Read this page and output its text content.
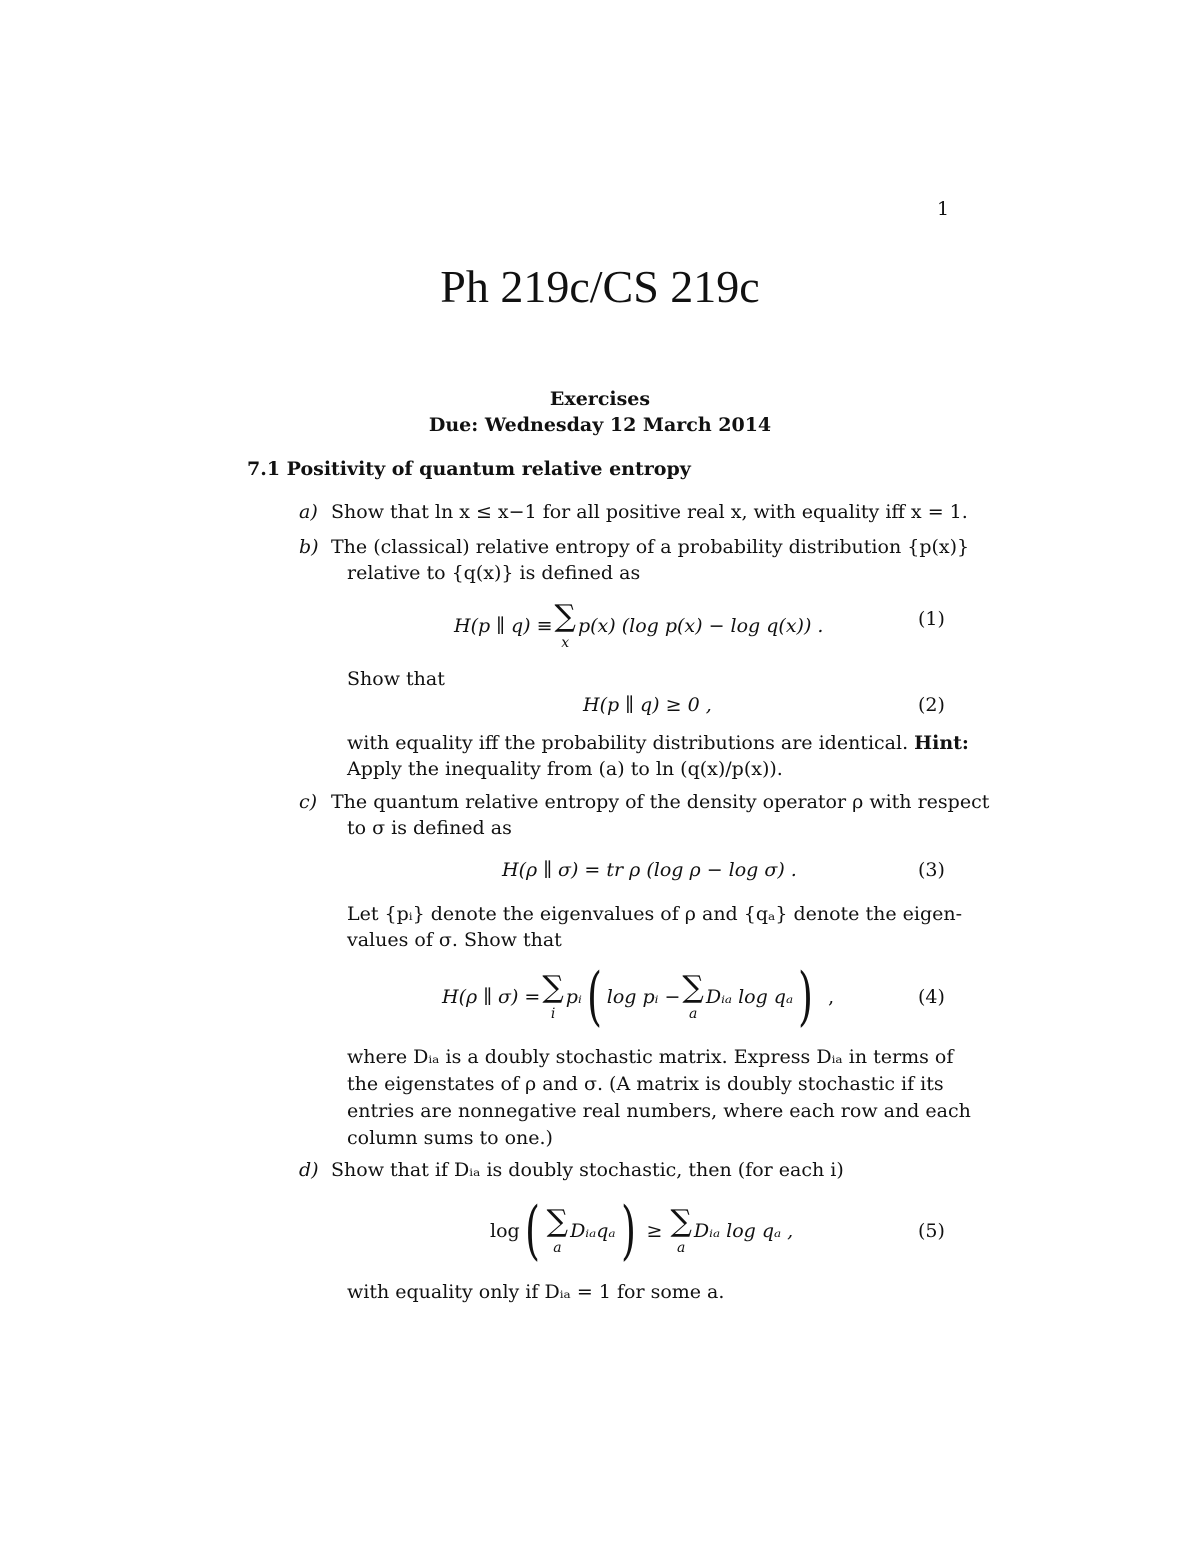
1
Ph 219c/CS 219c
Exercises
Due: Wednesday 12 March 2014
7.1 Positivity of quantum relative entropy
a) Show that ln x ≤ x−1 for all positive real x, with equality iff x = 1.
b) The (classical) relative entropy of a probability distribution {p(x)}
relative to {q(x)} is defined as
H(p ∥ q) ≡ ∑
x
p(x) (log p(x) − log q(x)) .	(1)
Show that
H(p ∥ q) ≥ 0 ,	(2)
with equality iff the probability distributions are identical. Hint:
Apply the inequality from (a) to ln (q(x)/p(x)).
c) The quantum relative entropy of the density operator ρ with respect
to σ is defined as
H(ρ ∥ σ) = tr ρ (log ρ − log σ) .	(3)
Let {pᵢ} denote the eigenvalues of ρ and {qₐ} denote the eigen-
values of σ. Show that
H(ρ ∥ σ) = ∑
i
pᵢ ( log pᵢ − ∑
a
Dᵢₐ log qₐ ) ,	(4)
where Dᵢₐ is a doubly stochastic matrix. Express Dᵢₐ in terms of
the eigenstates of ρ and σ. (A matrix is doubly stochastic if its
entries are nonnegative real numbers, where each row and each
column sums to one.)
d) Show that if Dᵢₐ is doubly stochastic, then (for each i)
log ( ∑
a
Dᵢₐqₐ ) ≥ ∑
a
Dᵢₐ log qₐ ,	(5)
with equality only if Dᵢₐ = 1 for some a.
